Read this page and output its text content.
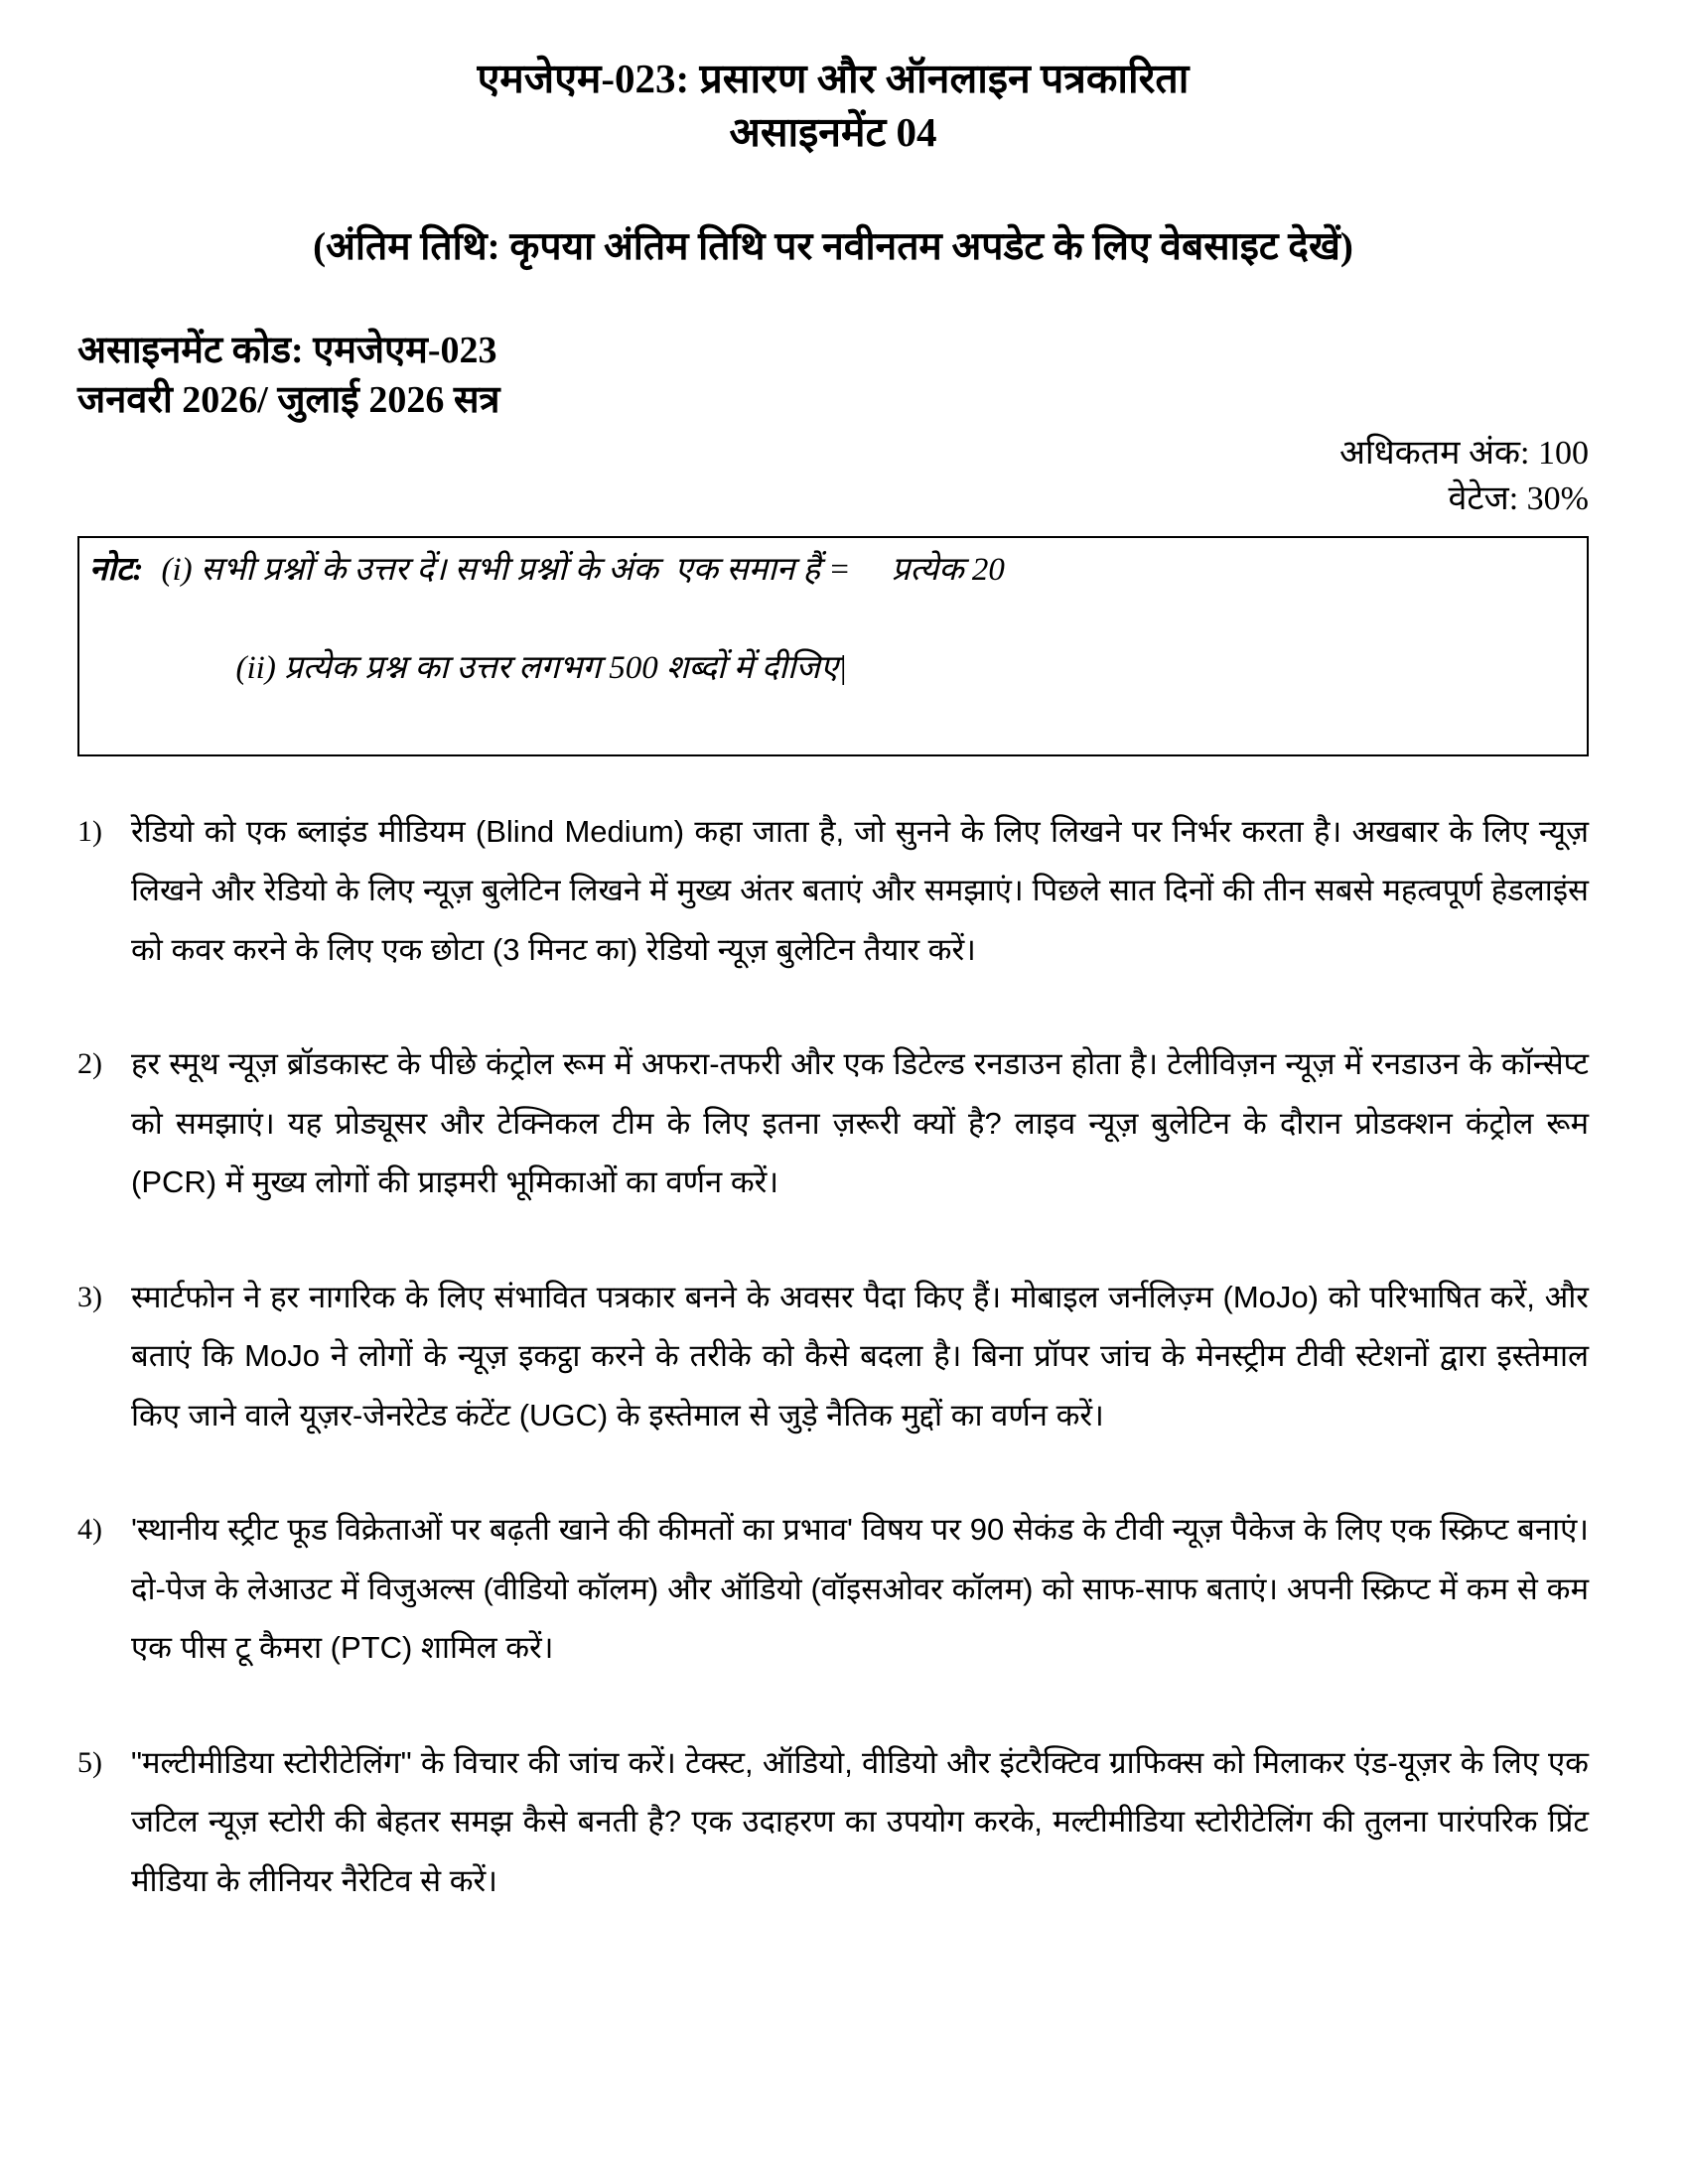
एमजेएम-023: प्रसारण और ऑनलाइन पत्रकारिता
असाइनमेंट 04
(अंतिम तिथि: कृपया अंतिम तिथि पर नवीनतम अपडेट के लिए वेबसाइट देखें)
असाइनमेंट कोड: एमजेएम-023
जनवरी 2026/ जुलाई 2026 सत्र
अधिकतम अंक: 100
वेटेज: 30%
नोट: (i) सभी प्रश्नों के उत्तर दें। सभी प्रश्नों के अंक  एक समान हैं =     प्रत्येक 20

(ii) प्रत्येक प्रश्न का उत्तर लगभग 500 शब्दों में दीजिए|

1) रेडियो को एक ब्लाइंड मीडियम (Blind Medium) कहा जाता है, जो सुनने के लिए लिखने पर निर्भर करता है। अखबार के लिए न्यूज़ लिखने और रेडियो के लिए न्यूज़ बुलेटिन लिखने में मुख्य अंतर बताएं और समझाएं। पिछले सात दिनों की तीन सबसे महत्वपूर्ण हेडलाइंस को कवर करने के लिए एक छोटा (3 मिनट का) रेडियो न्यूज़ बुलेटिन तैयार करें।
2) हर स्मूथ न्यूज़ ब्रॉडकास्ट के पीछे कंट्रोल रूम में अफरा-तफरी और एक डिटेल्ड रनडाउन होता है। टेलीविज़न न्यूज़ में रनडाउन के कॉन्सेप्ट को समझाएं। यह प्रोड्यूसर और टेक्निकल टीम के लिए इतना ज़रूरी क्यों है? लाइव न्यूज़ बुलेटिन के दौरान प्रोडक्शन कंट्रोल रूम (PCR) में मुख्य लोगों की प्राइमरी भूमिकाओं का वर्णन करें।
3) स्मार्टफोन ने हर नागरिक के लिए संभावित पत्रकार बनने के अवसर पैदा किए हैं। मोबाइल जर्नलिज़्म (MoJo) को परिभाषित करें, और बताएं कि MoJo ने लोगों के न्यूज़ इकट्ठा करने के तरीके को कैसे बदला है। बिना प्रॉपर जांच के मेनस्ट्रीम टीवी स्टेशनों द्वारा इस्तेमाल किए जाने वाले यूज़र-जेनरेटेड कंटेंट (UGC) के इस्तेमाल से जुड़े नैतिक मुद्दों का वर्णन करें।
4) 'स्थानीय स्ट्रीट फूड विक्रेताओं पर बढ़ती खाने की कीमतों का प्रभाव' विषय पर 90 सेकंड के टीवी न्यूज़ पैकेज के लिए एक स्क्रिप्ट बनाएं। दो-पेज के लेआउट में विजुअल्स (वीडियो कॉलम) और ऑडियो (वॉइसओवर कॉलम) को साफ-साफ बताएं। अपनी स्क्रिप्ट में कम से कम एक पीस टू कैमरा (PTC) शामिल करें।
5) "मल्टीमीडिया स्टोरीटेलिंग" के विचार की जांच करें। टेक्स्ट, ऑडियो, वीडियो और इंटरैक्टिव ग्राफिक्स को मिलाकर एंड-यूज़र के लिए एक जटिल न्यूज़ स्टोरी की बेहतर समझ कैसे बनती है? एक उदाहरण का उपयोग करके, मल्टीमीडिया स्टोरीटेलिंग की तुलना पारंपरिक प्रिंट मीडिया के लीनियर नैरेटिव से करें।
